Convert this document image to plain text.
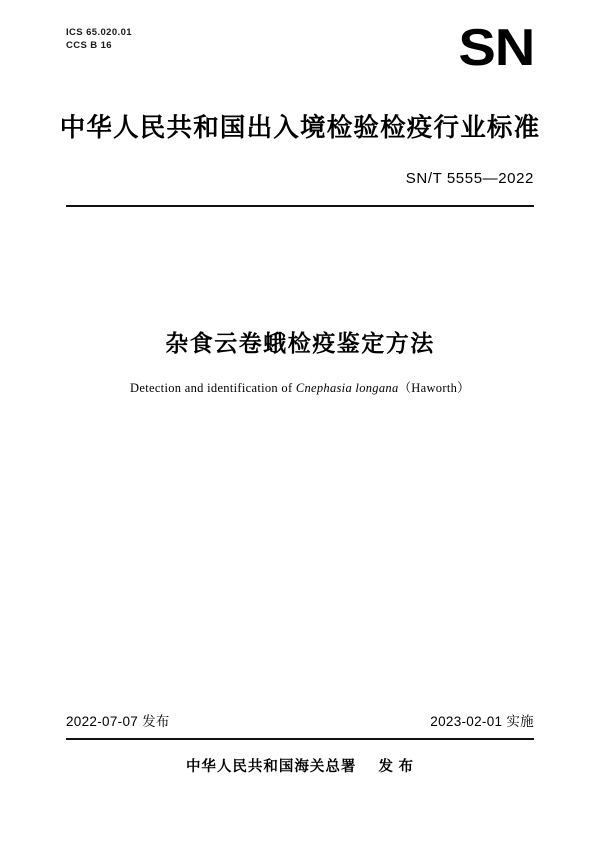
ICS 65.020.01
CCS B 16	SN
中华人民共和国出入境检验检疫行业标准
SN/T 5555—2022
杂食云卷蛾检疫鉴定方法
Detection and identification of Cnephasia longana（Haworth）
2022-07-07 发布	2023-02-01 实施
中华人民共和国海关总署 发 布
